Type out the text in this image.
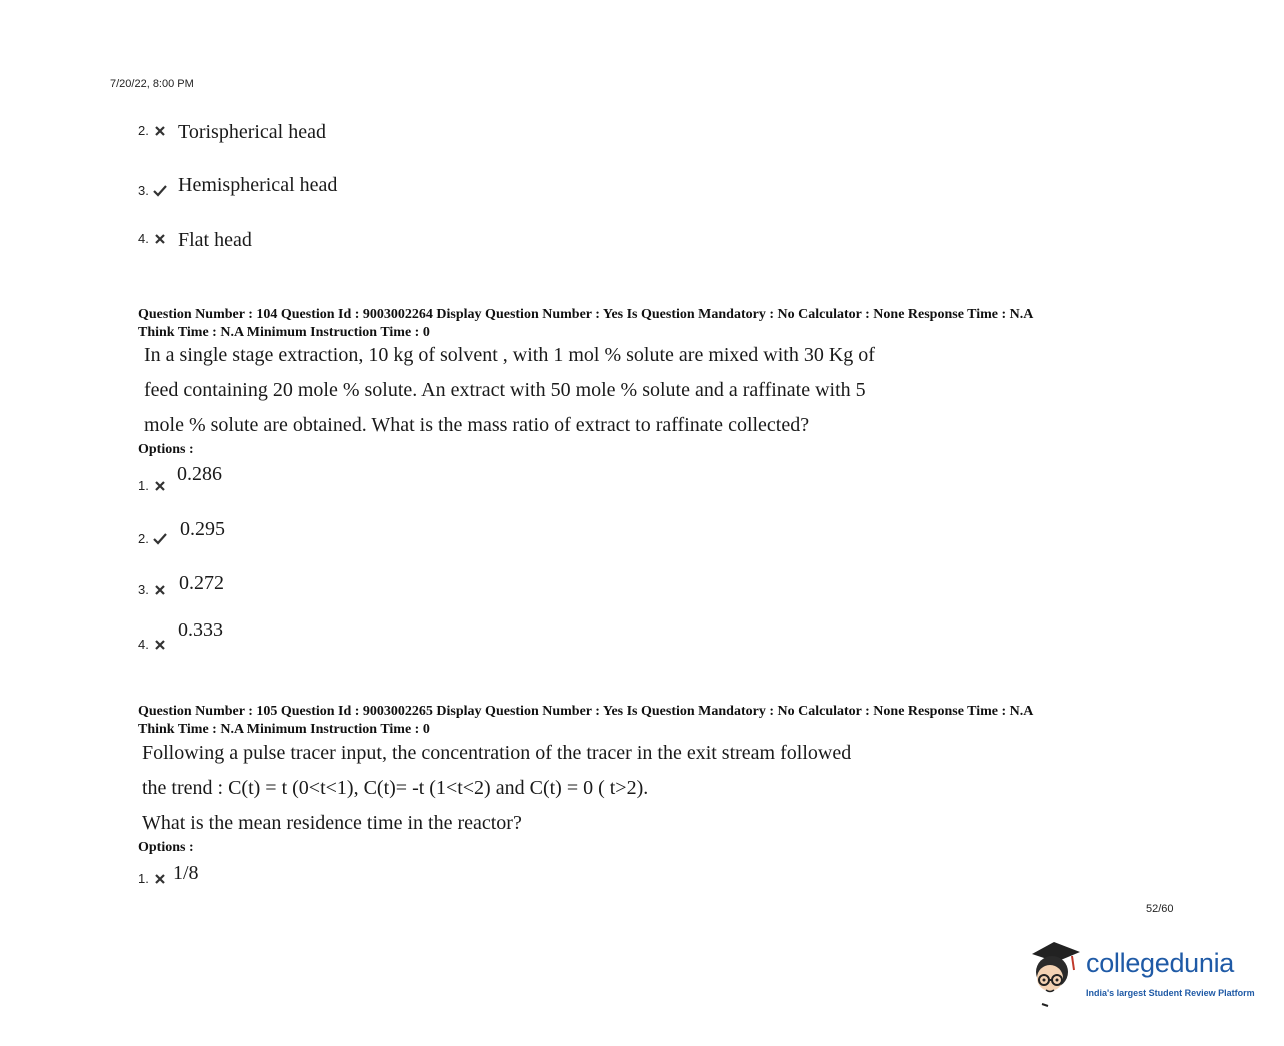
7/20/22, 8:00 PM
2.	Torispherical head
3.	Hemispherical head
4.	Flat head
Question Number : 104 Question Id : 9003002264 Display Question Number : Yes Is Question Mandatory : No Calculator : None Response Time : N.A
Think Time : N.A Minimum Instruction Time : 0
In a single stage extraction, 10 kg of solvent , with 1 mol % solute are mixed with 30 Kg of
feed containing 20 mole % solute. An extract with 50 mole % solute and a raffinate with 5
mole % solute are obtained. What is the mass ratio of extract to raffinate collected?
Options :
1.
0.286
2.	0.295
3.	0.272
4.
0.333
Question Number : 105 Question Id : 9003002265 Display Question Number : Yes Is Question Mandatory : No Calculator : None Response Time : N.A
Think Time : N.A Minimum Instruction Time : 0
Following a pulse tracer input, the concentration of the tracer in the exit stream followed
the trend : C(t) = t (0<t<1), C(t)= -t (1<t<2) and C(t) = 0 ( t>2).
What is the mean residence time in the reactor?
Options :
1.	1/8
52/60
collegedunia
India's largest Student Review Platform
